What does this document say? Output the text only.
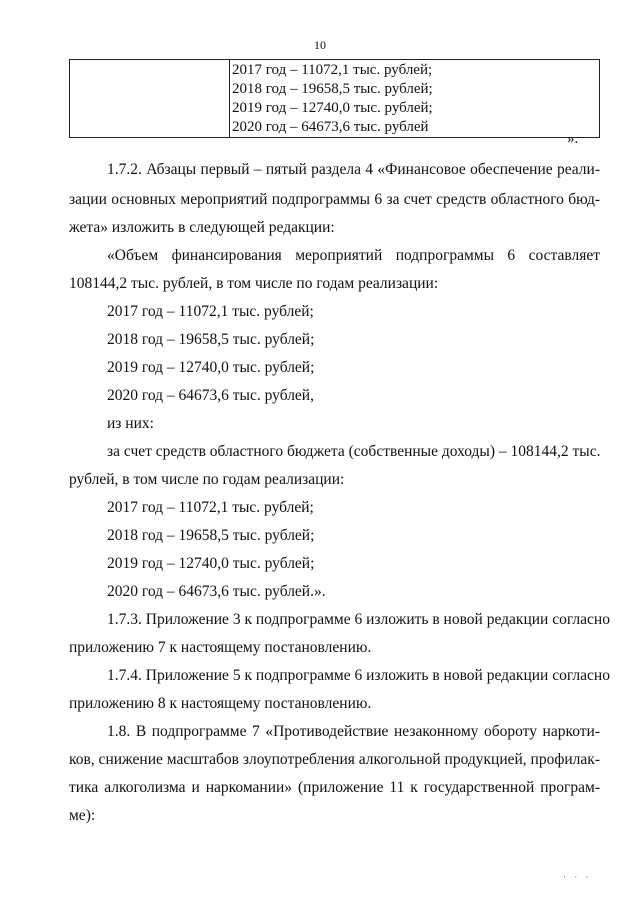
10

2017 год – 11072,1 тыс. рублей;
2018 год – 19658,5 тыс. рублей;
2019 год – 12740,0 тыс. рублей;
2020 год – 64673,6 тыс. рублей
».
1.7.2. Абзацы первый – пятый раздела 4 «Финансовое обеспечение реали-
зации основных мероприятий подпрограммы 6 за счет средств областного бюд-
жета» изложить в следующей редакции:
«Объем финансирования мероприятий подпрограммы 6 составляет
108144,2 тыс. рублей, в том числе по годам реализации:
2017 год – 11072,1 тыс. рублей;
2018 год – 19658,5 тыс. рублей;
2019 год – 12740,0 тыс. рублей;
2020 год – 64673,6 тыс. рублей,
из них:
за счет средств областного бюджета (собственные доходы) – 108144,2 тыс.
рублей, в том числе по годам реализации:
2017 год – 11072,1 тыс. рублей;
2018 год – 19658,5 тыс. рублей;
2019 год – 12740,0 тыс. рублей;
2020 год – 64673,6 тыс. рублей.».
1.7.3. Приложение 3 к подпрограмме 6 изложить в новой редакции согласно
приложению 7 к настоящему постановлению.
1.7.4. Приложение 5 к подпрограмме 6 изложить в новой редакции согласно
приложению 8 к настоящему постановлению.
1.8. В подпрограмме 7 «Противодействие незаконному обороту наркоти-
ков, снижение масштабов злоупотребления алкогольной продукцией, профилак-
тика алкоголизма и наркомании» (приложение 11 к государственной програм-
ме):
· · ·
